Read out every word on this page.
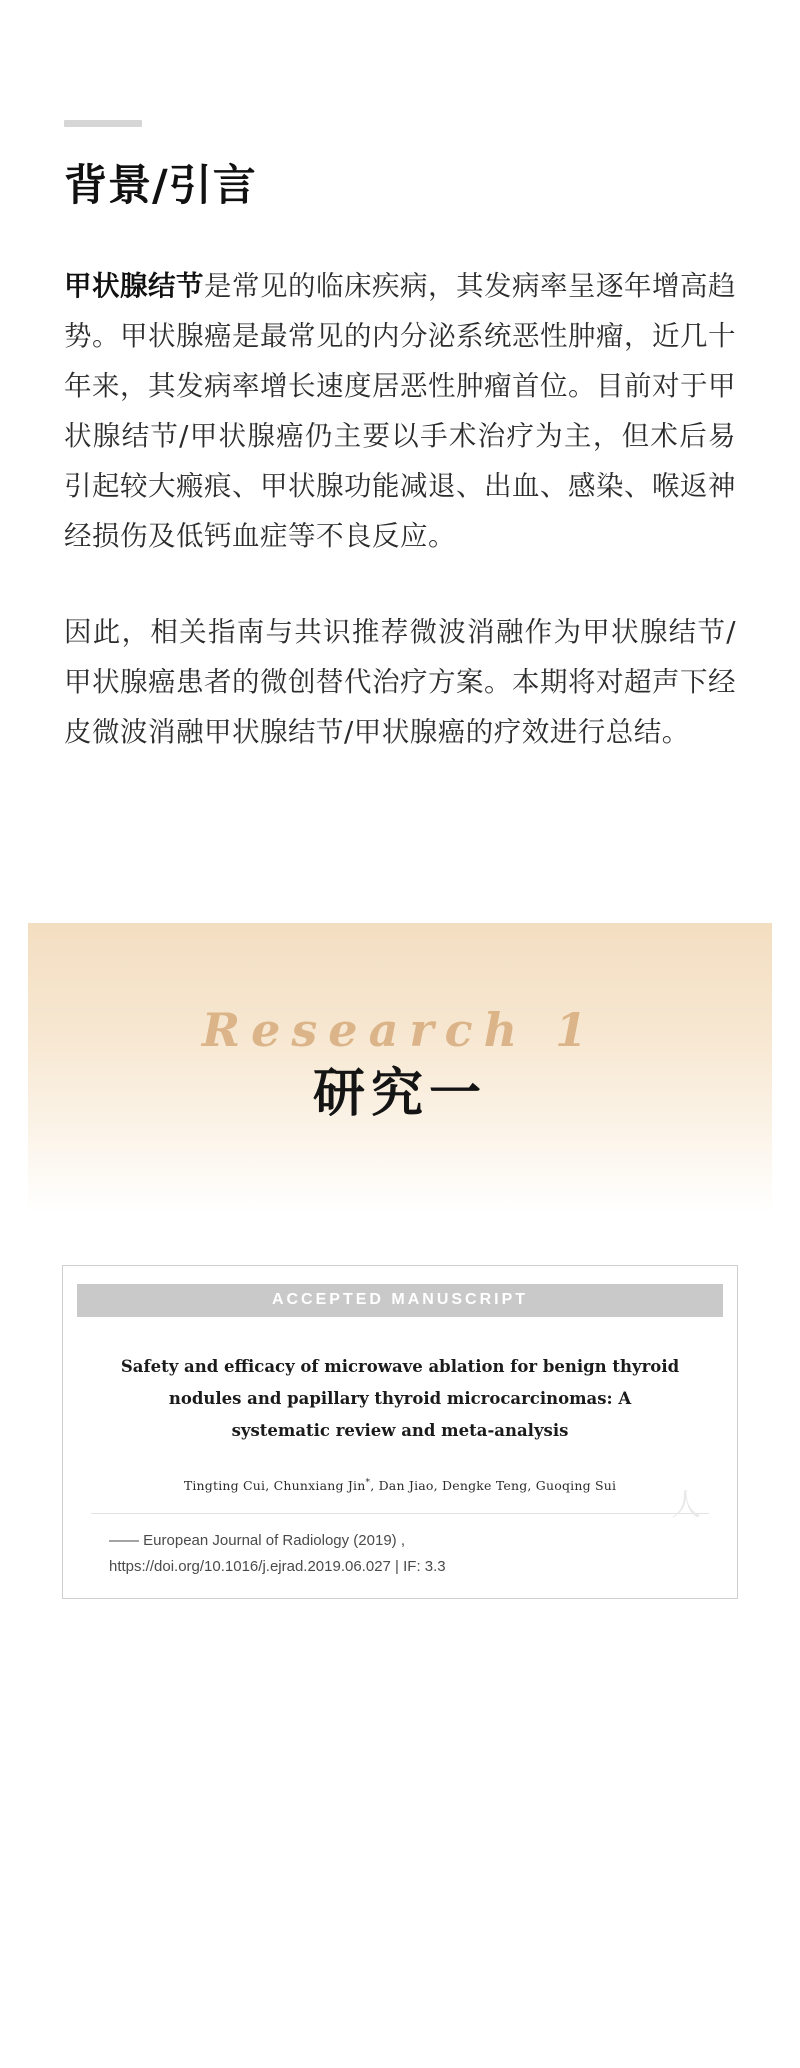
背景/引言

甲状腺结节是常见的临床疾病，其发病率呈逐年增高趋势。甲状腺癌是最常见的内分泌系统恶性肿瘤，近几十年来，其发病率增长速度居恶性肿瘤首位。目前对于甲状腺结节/甲状腺癌仍主要以手术治疗为主，但术后易引起较大瘢痕、甲状腺功能减退、出血、感染、喉返神经损伤及低钙血症等不良反应。

因此，相关指南与共识推荐微波消融作为甲状腺结节/甲状腺癌患者的微创替代治疗方案。本期将对超声下经皮微波消融甲状腺结节/甲状腺癌的疗效进行总结。

Research 1
研究一
ACCEPTED MANUSCRIPT
Safety and efficacy of microwave ablation for benign thyroid nodules and papillary thyroid microcarcinomas: A systematic review and meta-analysis
Tingting Cui, Chunxiang Jin*, Dan Jiao, Dengke Teng, Guoqing Sui
—— European Journal of Radiology (2019) ,
https://doi.org/10.1016/j.ejrad.2019.06.027 | IF: 3.3
人
